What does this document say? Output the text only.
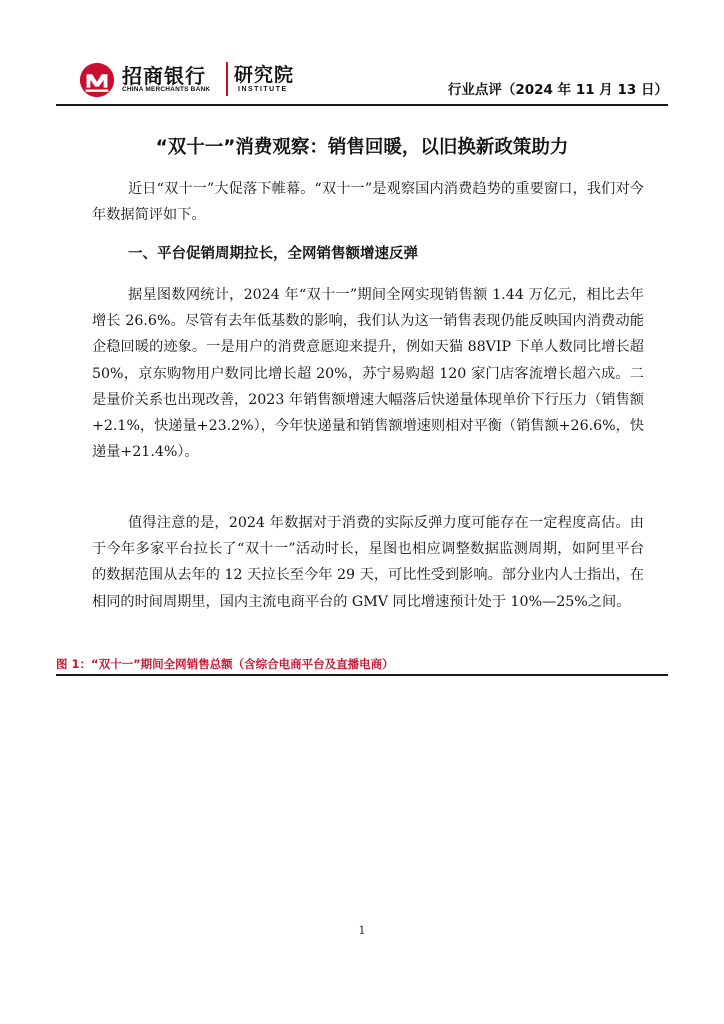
招商银行
CHINA MERCHANTS BANK
研究院
INSTITUTE	行业点评（2024 年 11 月 13 日）
“双十一”消费观察：销售回暖，以旧换新政策助力

近日“双十一”大促落下帷幕。“双十一”是观察国内消费趋势的重要窗口，我们对今年数据简评如下。

一、平台促销周期拉长，全网销售额增速反弹

据星图数网统计，2024 年“双十一”期间全网实现销售额 1.44 万亿元，相比去年增长 26.6%。尽管有去年低基数的影响，我们认为这一销售表现仍能反映国内消费动能企稳回暖的迹象。一是用户的消费意愿迎来提升，例如天猫 88VIP 下单人数同比增长超 50%，京东购物用户数同比增长超 20%，苏宁易购超 120 家门店客流增长超六成。二是量价关系也出现改善，2023 年销售额增速大幅落后快递量体现单价下行压力（销售额+2.1%，快递量+23.2%），今年快递量和销售额增速则相对平衡（销售额+26.6%，快递量+21.4%）。

值得注意的是，2024 年数据对于消费的实际反弹力度可能存在一定程度高估。由于今年多家平台拉长了“双十一”活动时长，星图也相应调整数据监测周期，如阿里平台的数据范围从去年的 12 天拉长至今年 29 天，可比性受到影响。部分业内人士指出，在相同的时间周期里，国内主流电商平台的 GMV 同比增速预计处于 10%—25%之间。

图 1：“双十一”期间全网销售总额（含综合电商平台及直播电商）
1
